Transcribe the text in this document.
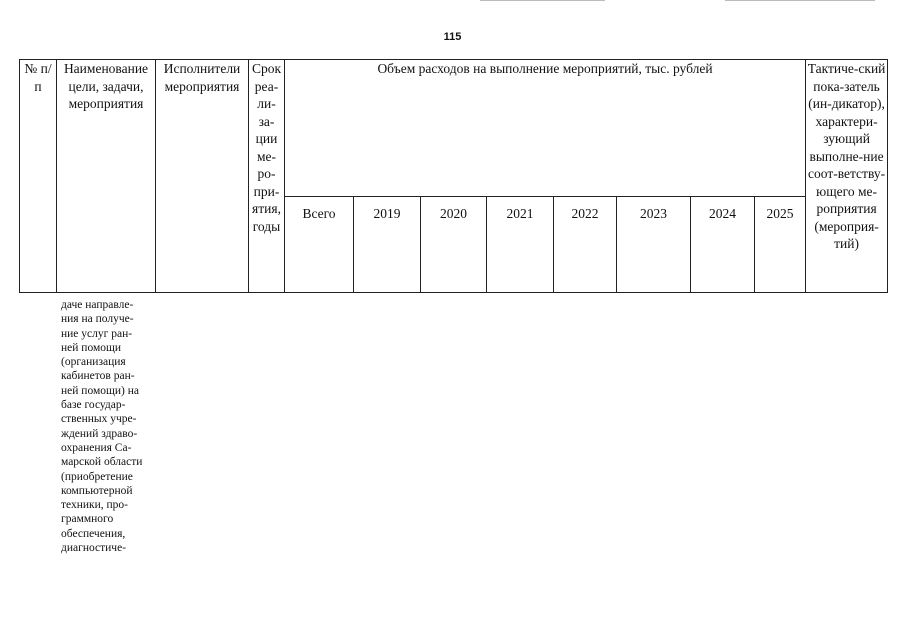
115
№ п/п	Наименование цели, задачи, мероприятия	Исполнители мероприятия	Срок реа-ли-за-ции ме-ро-при-ятия, годы	Объем расходов на выполнение мероприятий, тыс. рублей								Тактиче-ский пока-затель (ин-дикатор), характери-зующий выполне-ние соот-ветству-ющего ме-роприятия (мероприя-тий)
				Всего	2019	2020	2021	2022	2023	2024	2025	
даче направле-
ния на получе-
ние услуг ран-
ней помощи
(организация
кабинетов ран-
ней помощи) на
базе государ-
ственных учре-
ждений здраво-
охранения Са-
марской области
(приобретение
компьютерной
техники, про-
граммного
обеспечения,
диагностиче-
